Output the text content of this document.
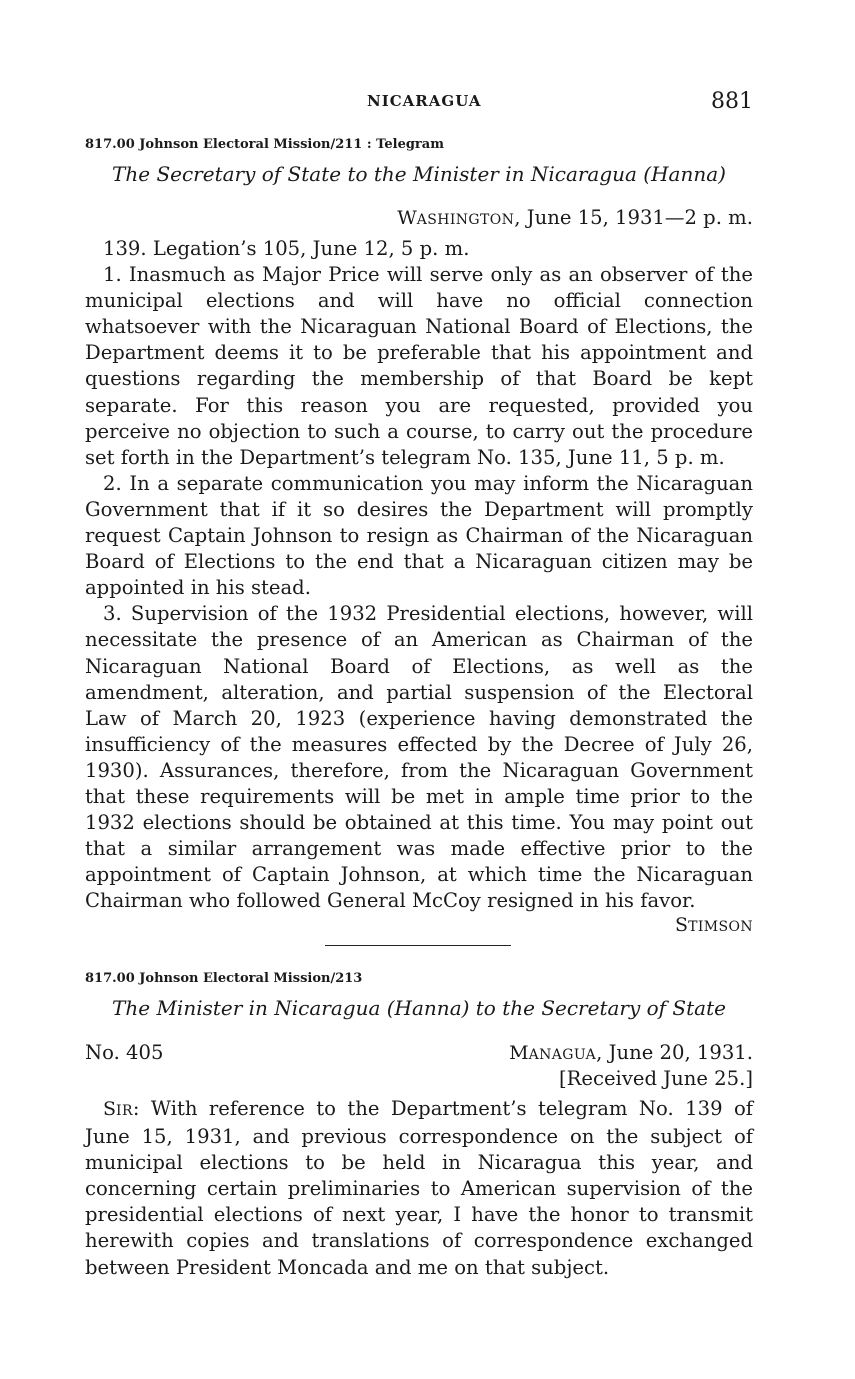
NICARAGUA	881
817.00 Johnson Electoral Mission/211 : Telegram
The Secretary of State to the Minister in Nicaragua (Hanna)
WASHINGTON, June 15, 1931—2 p. m.

139. Legation’s 105, June 12, 5 p. m.

1. Inasmuch as Major Price will serve only as an observer of the municipal elections and will have no official connection whatsoever with the Nicaraguan National Board of Elections, the Department deems it to be preferable that his appointment and questions regarding the membership of that Board be kept separate. For this reason you are requested, provided you perceive no objection to such a course, to carry out the procedure set forth in the Department’s telegram No. 135, June 11, 5 p. m.

2. In a separate communication you may inform the Nicaraguan Government that if it so desires the Department will promptly request Captain Johnson to resign as Chairman of the Nicaraguan Board of Elections to the end that a Nicaraguan citizen may be appointed in his stead.

3. Supervision of the 1932 Presidential elections, however, will necessitate the presence of an American as Chairman of the Nicaraguan National Board of Elections, as well as the amendment, alteration, and partial suspension of the Electoral Law of March 20, 1923 (experience having demonstrated the insufficiency of the measures effected by the Decree of July 26, 1930). Assurances, therefore, from the Nicaraguan Government that these requirements will be met in ample time prior to the 1932 elections should be obtained at this time. You may point out that a similar arrangement was made effective prior to the appointment of Captain Johnson, at which time the Nicaraguan Chairman who followed General McCoy resigned in his favor.

STIMSON
817.00 Johnson Electoral Mission/213
The Minister in Nicaragua (Hanna) to the Secretary of State
No. 405	MANAGUA, June 20, 1931.
[Received June 25.]

SIR: With reference to the Department’s telegram No. 139 of June 15, 1931, and previous correspondence on the subject of municipal elections to be held in Nicaragua this year, and concerning certain preliminaries to American supervision of the presidential elections of next year, I have the honor to transmit herewith copies and translations of correspondence exchanged between President Moncada and me on that subject.
